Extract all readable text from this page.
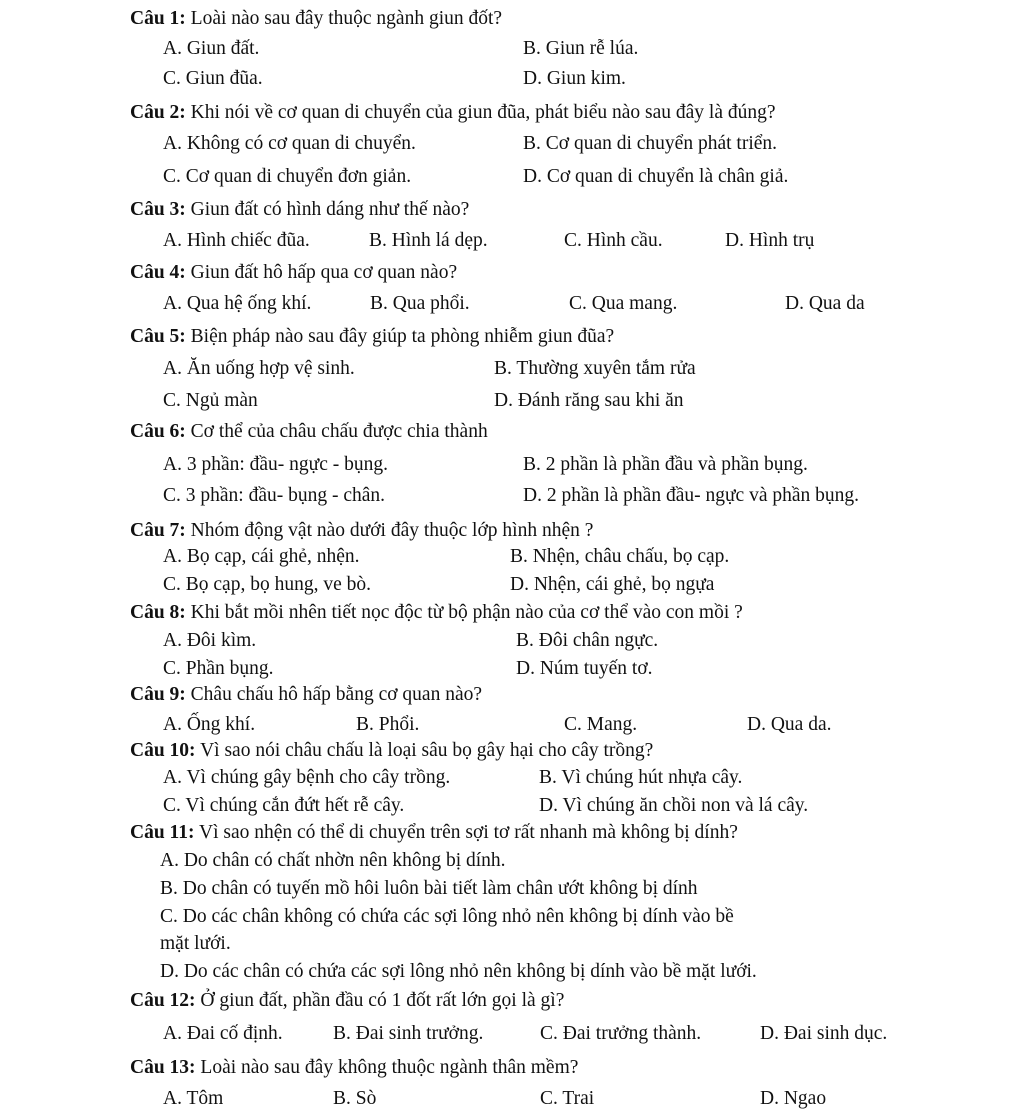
Câu 1: Loài nào sau đây thuộc ngành giun đốt?
A. Giun đất.	B. Giun rễ lúa.
C. Giun đũa.	D. Giun kim.
Câu 2: Khi nói về cơ quan di chuyển của giun đũa, phát biểu nào sau đây là đúng?
A. Không có cơ quan di chuyển.	B. Cơ quan di chuyển phát triển.
C. Cơ quan di chuyển đơn giản.	D. Cơ quan di chuyển là chân giả.
Câu 3: Giun đất có hình dáng như thế nào?
A. Hình chiếc đũa.	B. Hình lá dẹp.	C. Hình cầu.	D. Hình trụ
Câu 4: Giun đất hô hấp qua cơ quan nào?
A. Qua hệ ống khí.	B. Qua phổi.	C. Qua mang.	D. Qua da
Câu 5: Biện pháp nào sau đây giúp ta phòng nhiễm giun đũa?
A. Ăn uống hợp vệ sinh.	B. Thường xuyên tắm rửa
C. Ngủ màn	D. Đánh răng sau khi ăn
Câu 6: Cơ thể của châu chấu được chia thành
A. 3 phần: đầu- ngực - bụng.	B. 2 phần là phần đầu và phần bụng.
C. 3 phần: đầu- bụng - chân.	D. 2 phần là phần đầu- ngực và phần bụng.
Câu 7: Nhóm động vật nào dưới đây thuộc lớp hình nhện ?
A. Bọ cạp, cái ghẻ, nhện.	B. Nhện, châu chấu, bọ cạp.
C. Bọ cạp, bọ hung, ve bò.	D. Nhện, cái ghẻ, bọ ngựa
Câu 8: Khi bắt mồi nhên tiết nọc độc từ bộ phận nào của cơ thể vào con mồi ?
A. Đôi kìm.	B. Đôi chân ngực.
C. Phần bụng.	D. Núm tuyến tơ.
Câu 9: Châu chấu hô hấp bằng cơ quan nào?
A. Ống khí.	B. Phổi.	C. Mang.	D. Qua da.
Câu 10: Vì sao nói châu chấu là loại sâu bọ gây hại cho cây trồng?
A. Vì chúng gây bệnh cho cây trồng.	B. Vì chúng hút nhựa cây.
C. Vì chúng cắn đứt hết rễ cây.	D. Vì chúng ăn chồi non và lá cây.
Câu 11: Vì sao nhện có thể di chuyển trên sợi tơ rất nhanh mà không bị dính?
A. Do chân có chất nhờn nên không bị dính.
B. Do chân có tuyến mồ hôi luôn bài tiết làm chân ướt không bị dính
C. Do các chân không có chứa các sợi lông nhỏ nên không bị dính vào bề
mặt lưới.
D. Do các chân có chứa các sợi lông nhỏ nên không bị dính vào bề mặt lưới.
Câu 12: Ở giun đất, phần đầu có 1 đốt rất lớn gọi là gì?
A. Đai cố định.	B. Đai sinh trưởng.	C. Đai trưởng thành.	D. Đai sinh dục.
Câu 13: Loài nào sau đây không thuộc ngành thân mềm?
A. Tôm	B. Sò	C. Trai	D. Ngao
